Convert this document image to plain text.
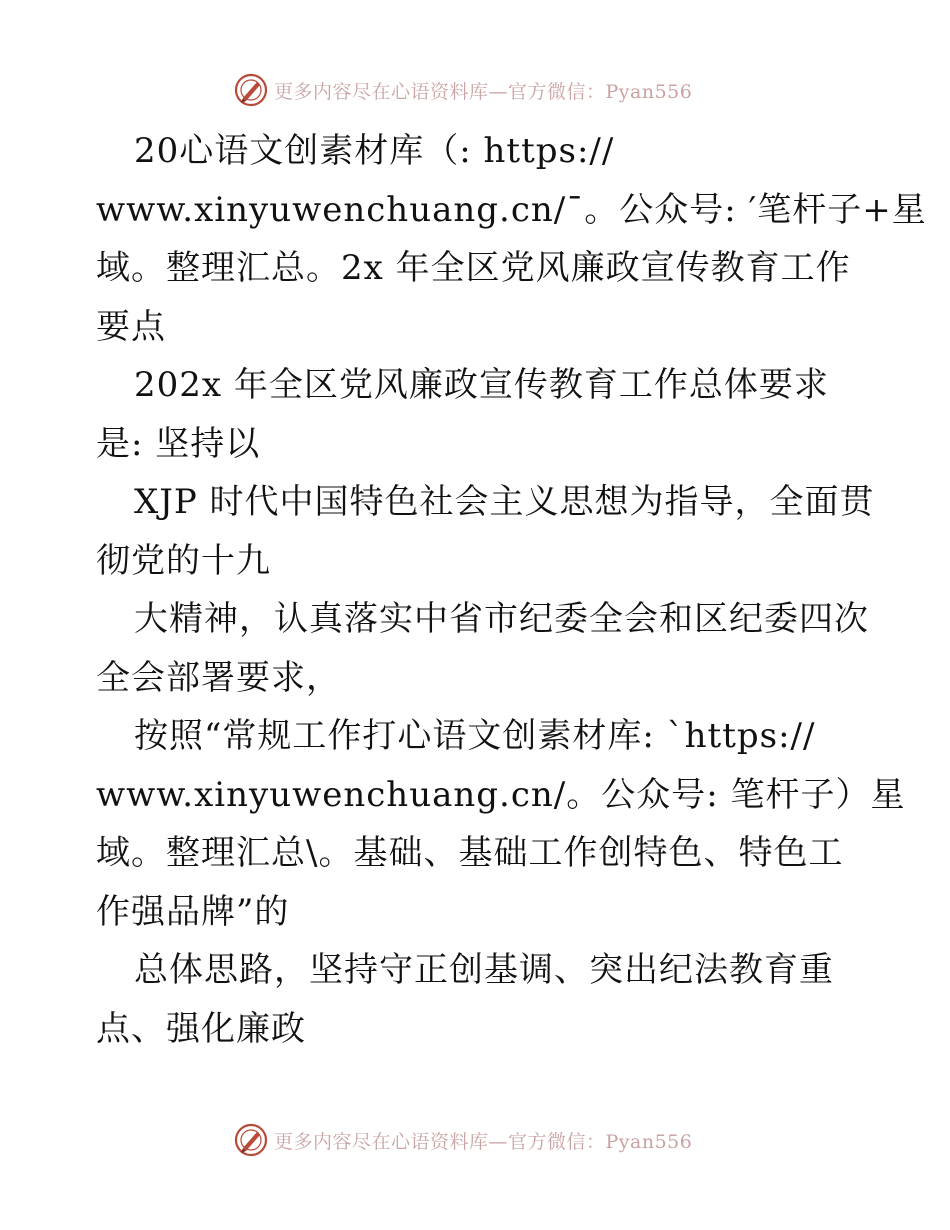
更多内容尽在心语资料库—官方微信：Pyan556
20心语文创素材库（: https://
www.xinyuwenchuang.cn/¯。公众号: ′笔杆子+星
域。整理汇总。2x 年全区党风廉政宣传教育工作
要点
202x 年全区党风廉政宣传教育工作总体要求
是: 坚持以
XJP 时代中国特色社会主义思想为指导，全面贯
彻党的十九
大精神，认真落实中省市纪委全会和区纪委四次
全会部署要求，
按照“常规工作打心语文创素材库: `https://
www.xinyuwenchuang.cn/。公众号: 笔杆子）星
域。整理汇总\。基础、基础工作创特色、特色工
作强品牌”的
总体思路，坚持守正创基调、突出纪法教育重
点、强化廉政
更多内容尽在心语资料库—官方微信：Pyan556
